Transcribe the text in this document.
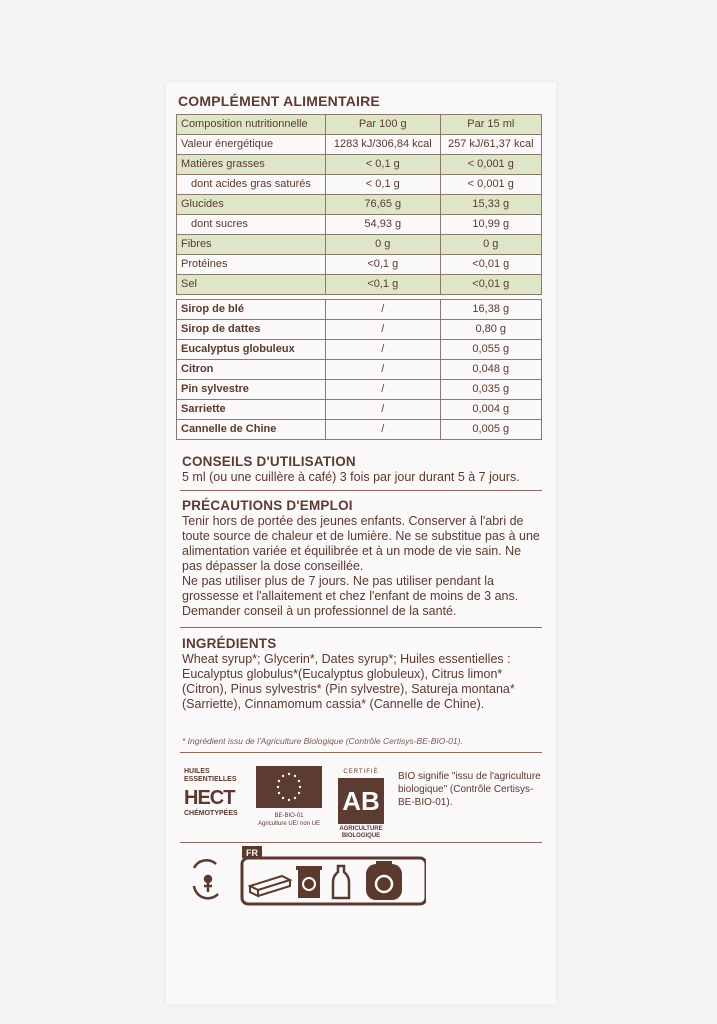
COMPLÉMENT ALIMENTAIRE
Composition nutritionnelle	Par 100 g	Par 15 ml
Valeur énergétique	1283 kJ/306,84 kcal	257 kJ/61,37 kcal
Matières grasses	< 0,1 g	< 0,001 g
dont acides gras saturés	< 0,1 g	< 0,001 g
Glucides	76,65 g	15,33 g
dont sucres	54,93 g	10,99 g
Fibres	0 g	0 g
Protéines	<0,1 g	<0,01 g
Sel	<0,1 g	<0,01 g

Sirop de blé	/	16,38 g
Sirop de dattes	/	0,80 g
Eucalyptus globuleux	/	0,055 g
Citron	/	0,048 g
Pin sylvestre	/	0,035 g
Sarriette	/	0,004 g
Cannelle de Chine	/	0,005 g
CONSEILS D'UTILISATION
5 ml (ou une cuillère à café) 3 fois par jour durant 5 à 7 jours.
PRÉCAUTIONS D'EMPLOI
Tenir hors de portée des jeunes enfants. Conserver à l'abri de toute source de chaleur et de lumière. Ne se substitue pas à une alimentation variée et équilibrée et à un mode de vie sain. Ne pas dépasser la dose conseillée.
Ne pas utiliser plus de 7 jours. Ne pas utiliser pendant la grossesse et l'allaitement et chez l'enfant de moins de 3 ans. Demander conseil à un professionnel de la santé.
INGRÉDIENTS
Wheat syrup*; Glycerin*, Dates syrup*; Huiles essentielles : Eucalyptus globulus*(Eucalyptus globuleux), Citrus limon* (Citron), Pinus sylvestris* (Pin sylvestre), Satureja montana* (Sarriette), Cinnamomum cassia* (Cannelle de Chine).
* Ingrédient issu de l'Agriculture Biologique (Contrôle Certisys-BE-BIO-01).
HUILES
ESSENTIELLES
HECT
CHÉMOTYPÉES	BE-BIO-01
Agriculture UE/ non UE
CERTIFIÉ
AB
AGRICULTURE
BIOLOGIQUE
BIO signifie "issu de l'agriculture biologique" (Contrôle Certisys-BE-BIO-01).
FR
